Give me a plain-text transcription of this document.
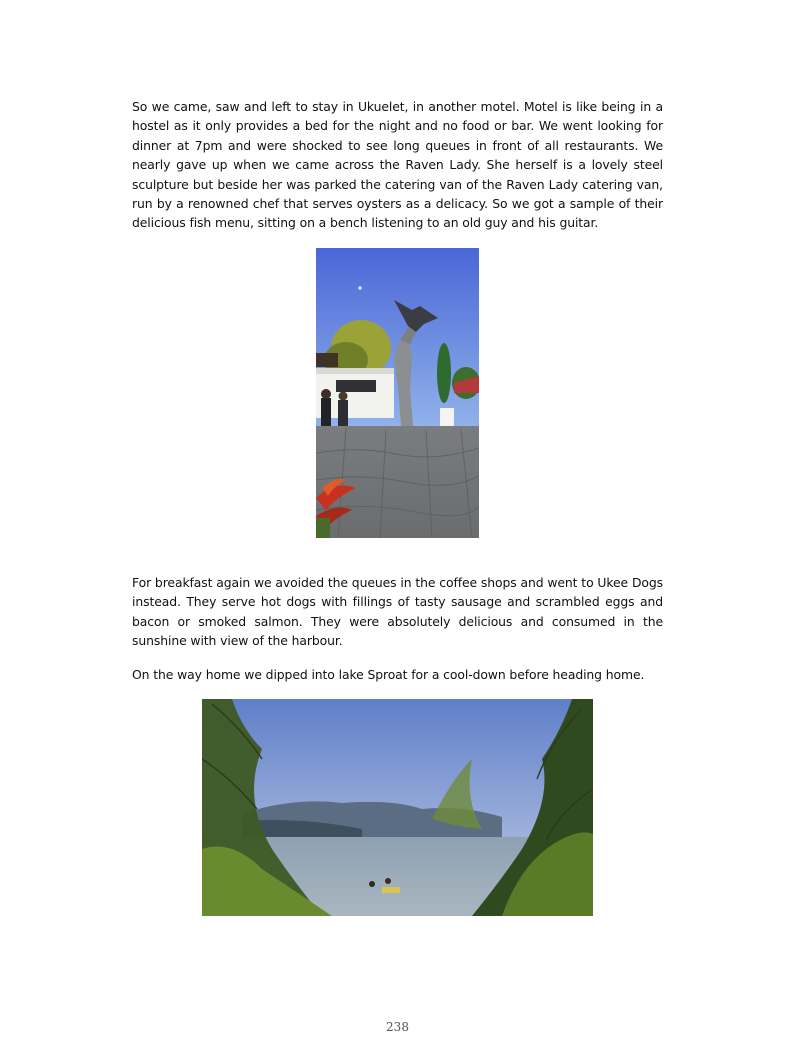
So we came, saw and left to stay in Ukuelet, in another motel. Motel is like being in a hostel as it only provides a bed for the night and no food or bar. We went looking for dinner at 7pm and were shocked to see long queues in front of all restaurants. We nearly gave up when we came across the Raven Lady. She herself is a lovely steel sculpture but beside her was parked the catering van of the Raven Lady catering van, run by a renowned chef that serves oysters as a delicacy. So we got a sample of their delicious fish menu, sitting on a bench listening to an old guy and his guitar.

For breakfast again we avoided the queues in the coffee shops and went to Ukee Dogs instead. They serve hot dogs with fillings of tasty sausage and scrambled eggs and bacon or smoked salmon. They were absolutely delicious and consumed in the sunshine with view of the harbour.

On the way home we dipped into lake Sproat for a cool-down before heading home.

238
